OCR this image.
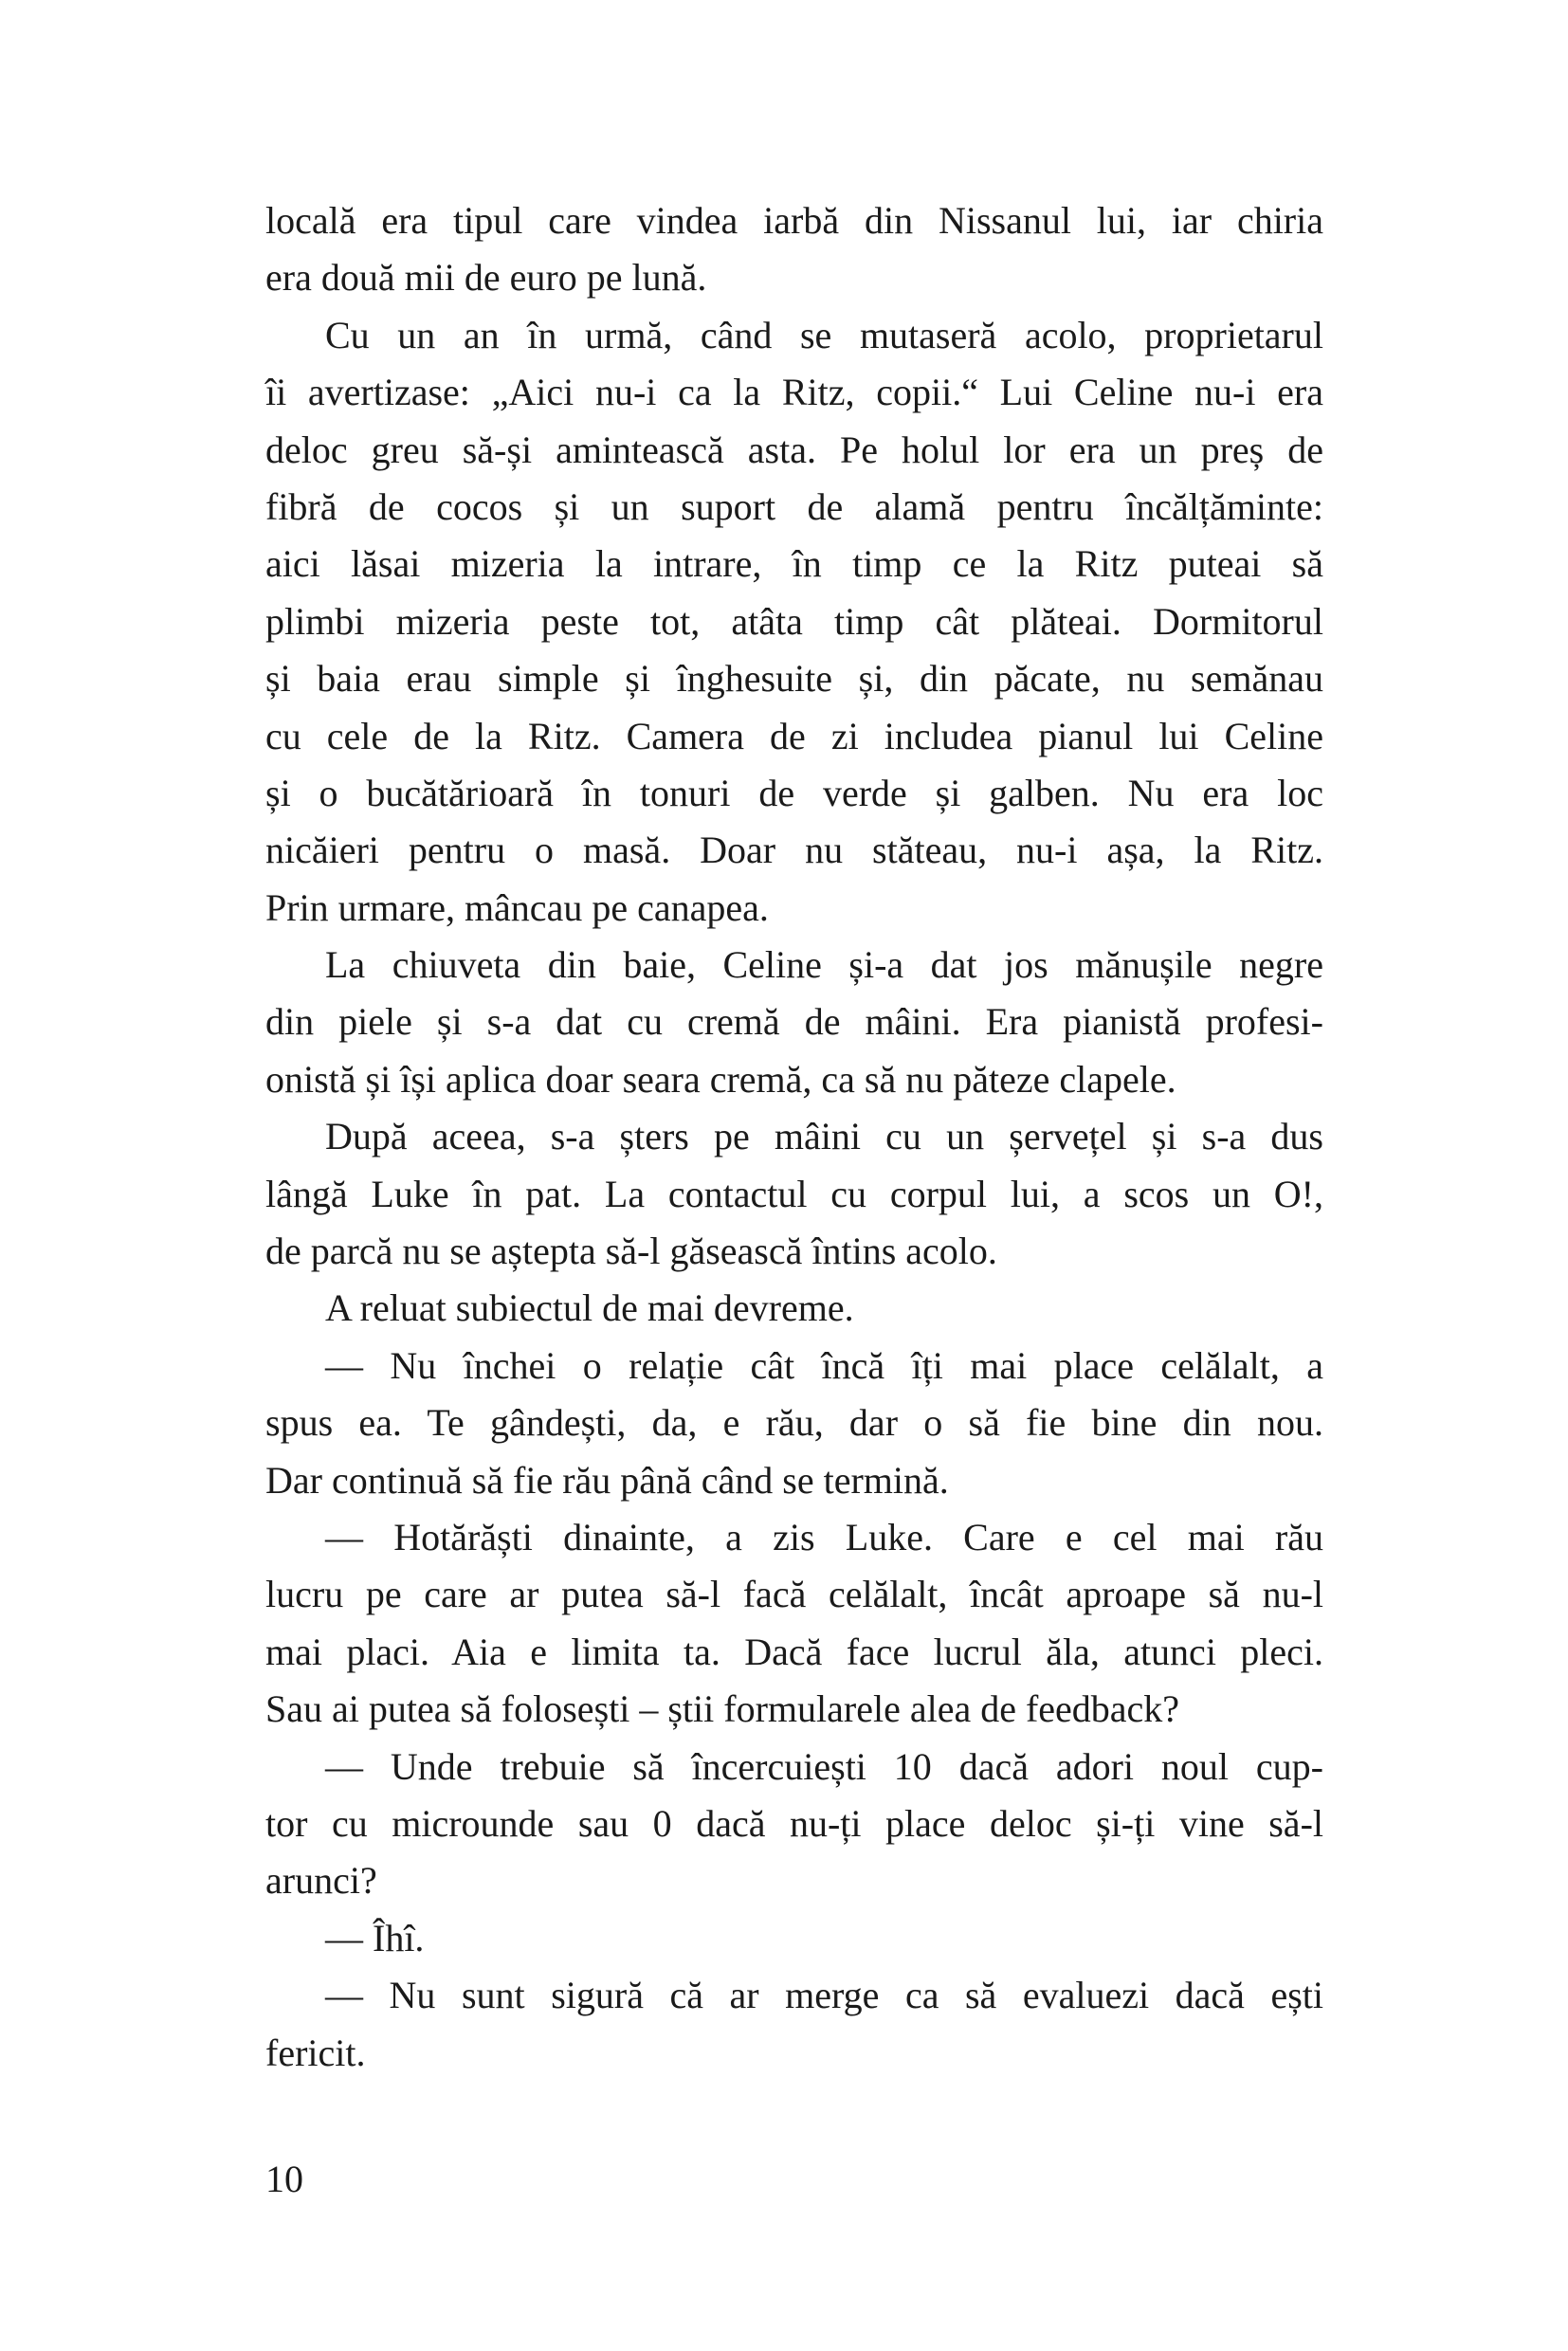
locală era tipul care vindea iarbă din Nissanul lui, iar chiria
era două mii de euro pe lună.
Cu un an în urmă, când se mutaseră acolo, proprietarul
îi avertizase: „Aici nu-i ca la Ritz, copii.“ Lui Celine nu-i era
deloc greu să-și amintească asta. Pe holul lor era un preș de
fibră de cocos și un suport de alamă pentru încălțăminte:
aici lăsai mizeria la intrare, în timp ce la Ritz puteai să
plimbi mizeria peste tot, atâta timp cât plăteai. Dormitorul
și baia erau simple și înghesuite și, din păcate, nu semănau
cu cele de la Ritz. Camera de zi includea pianul lui Celine
și o bucătărioară în tonuri de verde și galben. Nu era loc
nicăieri pentru o masă. Doar nu stăteau, nu-i așa, la Ritz.
Prin urmare, mâncau pe canapea.
La chiuveta din baie, Celine și-a dat jos mănușile negre
din piele și s-a dat cu cremă de mâini. Era pianistă profesi-
onistă și își aplica doar seara cremă, ca să nu păteze clapele.
După aceea, s-a șters pe mâini cu un șervețel și s-a dus
lângă Luke în pat. La contactul cu corpul lui, a scos un O!,
de parcă nu se aștepta să-l găsească întins acolo.
A reluat subiectul de mai devreme.
— Nu închei o relație cât încă îți mai place celălalt, a
spus ea. Te gândești, da, e rău, dar o să fie bine din nou.
Dar continuă să fie rău până când se termină.
— Hotărăști dinainte, a zis Luke. Care e cel mai rău
lucru pe care ar putea să-l facă celălalt, încât aproape să nu-l
mai placi. Aia e limita ta. Dacă face lucrul ăla, atunci pleci.
Sau ai putea să folosești – știi formularele alea de feedback?
— Unde trebuie să încercuiești 10 dacă adori noul cup-
tor cu microunde sau 0 dacă nu-ți place deloc și-ți vine să-l
arunci?
— Îhî.
— Nu sunt sigură că ar merge ca să evaluezi dacă ești
fericit.
10
